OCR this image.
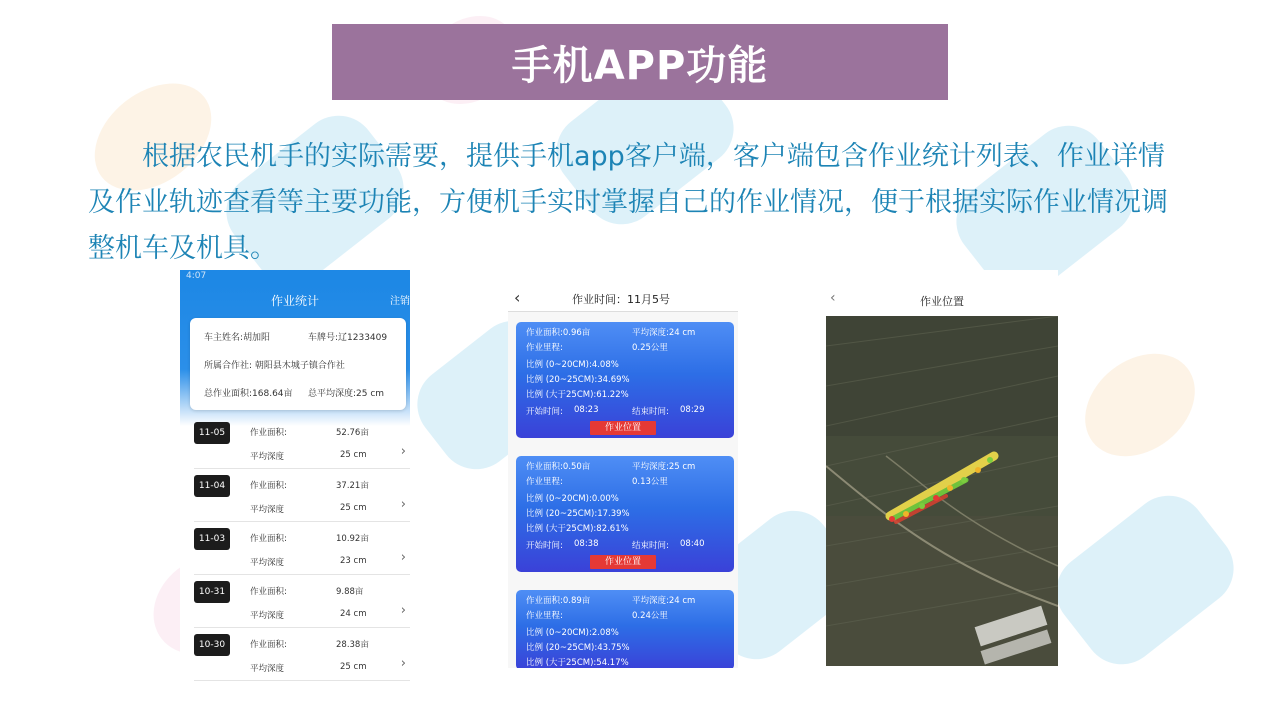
手机APP功能

根据农民机手的实际需要，提供手机app客户端，客户端包含作业统计列表、作业详情及作业轨迹查看等主要功能，方便机手实时掌握自己的作业情况，便于根据实际作业情况调整机车及机具。

4:07
作业统计	注销
车主姓名:胡加阳	车牌号:辽1233409
所属合作社: 朝阳县木城子镇合作社
总作业面积:168.64亩 总平均深度:25 cm
11-05	作业面积:	52.76亩
平均深度	25 cm	›
11-04	作业面积:	37.21亩
平均深度	25 cm	›
11-03	作业面积:	10.92亩
平均深度	23 cm	›
10-31	作业面积:	9.88亩
平均深度	24 cm	›
10-30	作业面积:	28.38亩
平均深度	25 cm	›
‹	作业时间：11月5号
作业面积:0.96亩	平均深度:24 cm
作业里程:	0.25公里
比例 (0~20CM):4.08%
比例 (20~25CM):34.69%
比例 (大于25CM):61.22%
开始时间: 08:23	结束时间: 08:29
作业位置
作业面积:0.50亩	平均深度:25 cm
作业里程:	0.13公里
比例 (0~20CM):0.00%
比例 (20~25CM):17.39%
比例 (大于25CM):82.61%
开始时间: 08:38	结束时间: 08:40
作业位置
作业面积:0.89亩	平均深度:24 cm
作业里程:	0.24公里
比例 (0~20CM):2.08%
比例 (20~25CM):43.75%
比例 (大于25CM):54.17%
‹	作业位置
